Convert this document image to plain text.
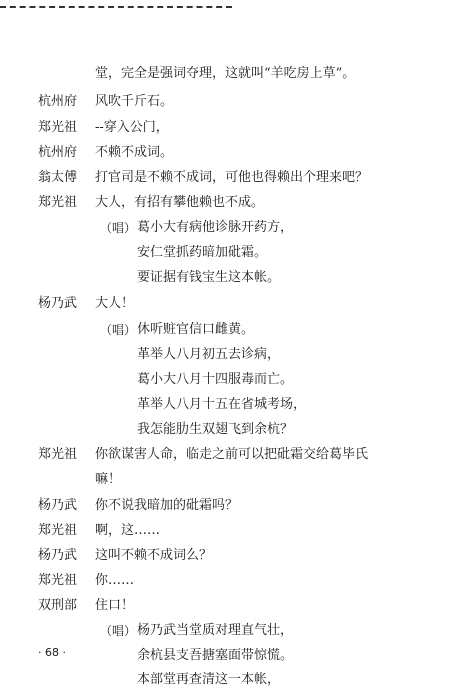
堂，完全是强词夺理，这就叫“羊吃房上草”。
杭州府 风吹千斤石。
郑光祖 --穿入公门，
杭州府 不赖不成词。
翁太傅 打官司是不赖不成词，可他也得赖出个理来吧？
郑光祖 大人，有招有攀他赖也不成。
（唱） 葛小大有病他诊脉开药方，
安仁堂抓药暗加砒霜。
要证据有钱宝生这本帐。
杨乃武 大人！
（唱） 休听赃官信口雌黄。
革举人八月初五去诊病，
葛小大八月十四服毒而亡。
革举人八月十五在省城考场，
我怎能肋生双翅飞到余杭？
郑光祖 你欲谋害人命，临走之前可以把砒霜交给葛毕氏
嘛！
杨乃武 你不说我暗加的砒霜吗？
郑光祖 啊，这……
杨乃武 这叫不赖不成词么？
郑光祖 你……
双刑部 住口！
（唱） 杨乃武当堂质对理直气壮，
余杭县支吾搪塞面带惊慌。
本部堂再查清这一本帐，
· 68 ·
